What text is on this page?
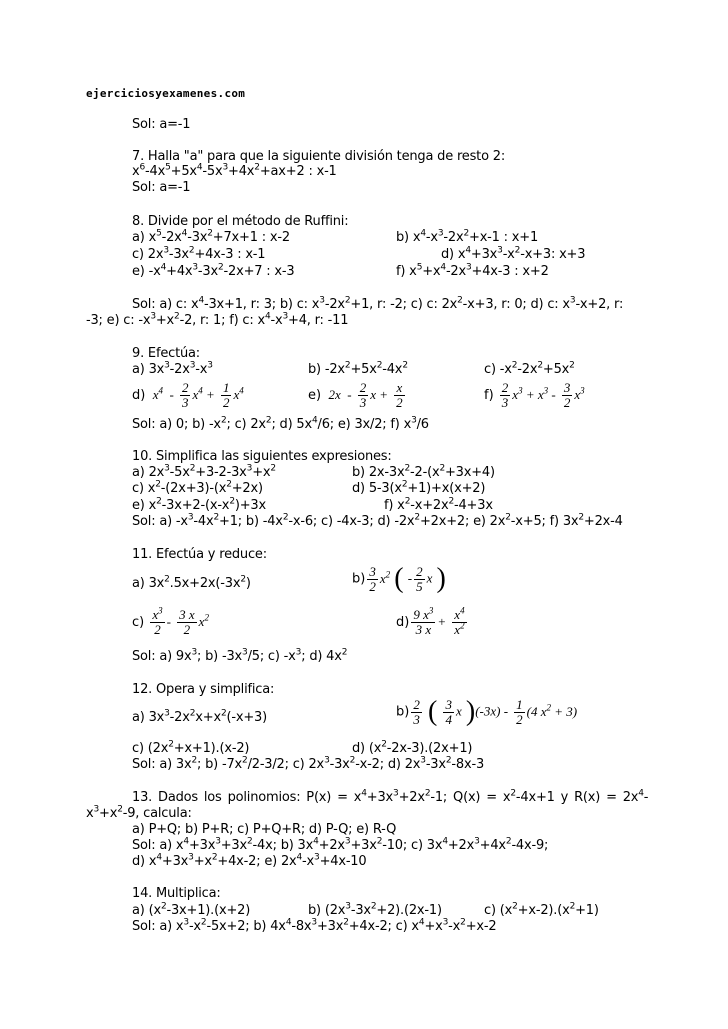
ejerciciosyexamenes.com
Sol: a=-1
7. Halla "a" para que la siguiente división tenga de resto 2:
$x^6-4x^5+5x^4-5x^3+4x^2+ax+2$ : x-1
Sol: a=-1
8. Divide por el método de Ruffini:
a) $x^5-2x^4-3x^2+7x+1$ : x-2	b) $x^4-x^3-2x^2+x-1$ : x+1
c) $2x^3-3x^2+4x-3$ : x-1	d) $x^4+3x^3-x^2-x+3$: x+3
e) $-x^4+4x^3-3x^2-2x+7$ : x-3	f) $x^5+x^4-2x^3+4x-3$ : x+2
Sol: a) c: $x^4-3x+1$, r: 3; b) c: $x^3-2x^2+1$, r: -2; c) c: $2x^2-x+3$, r: 0; d) c: $x^3-x+2$, r:
-3; e) c: $-x^3+x^2-2$, r: 1; f) c: $x^4-x^3+4$, r: -11
9. Efectúa:
a) $3x^3-2x^3-x^3$	b) $-2x^2+5x^2-4x^2$	c) $-x^2-2x^2+5x^2$
d)  $x^4 - \frac{2}{3} x^4 + \frac{1}{2} x^4$	e)  $2x - \frac{2}{3}$ $x + \frac{x}{2}$	$f) \frac{2}{3} x^3 + x^3 - \frac{3}{2} x^3$
Sol: a) 0; b) $-x^2$; c) $2x^2$; d) $5x^4/6$; e) 3x/2; f) $x^3/6$
10. Simplifica las siguientes expresiones:
a) $2x^3-5x^2+3-2-3x^3+x^2$	b) $2x-3x^2-2-(x^2+3x+4)$
c) $x^2-(2x+3)-(x^2+2x)$	d) $5-3(x^2+1)+x(x+2)$
e) $x^2-3x+2-(x-x^2)+3x$	f) $x^2-x+2x^2-4+3x$
Sol: a) $-x^3-4x^2+1$; b) $-4x^2-x-6$; c) -4x-3; d) $-2x^2+2x+2$; e) $2x^2-x+5$; f) $3x^2+2x-4$
11. Efectúa y reduce:
a) $3x^2.5x+2x(-3x^2)$	$b) \frac{3}{2} x^2$ ( - $\frac{2}{5}$ x )
$c) \frac{x^3}{2} - \frac{3 x}{2} x^2$	$d) \frac{9 x^3}{3 x} + \frac{x^4}{x^2}$
Sol: a) $9x^3$; b) $-3x^3/5$; c) $-x^3$; d) $4x^2$
12. Opera y simplifica:
a) $3x^3-2x^2x+x^2(-x+3)$	$b) \frac{2}{3}$ ( $\frac{3}{4}$ x )$(-3x) - \frac{1}{2} (4$ $x^2 + 3$)
c) $(2x^2+x+1).(x-2)$	d) $(x^2-2x-3).(2x+1)$
Sol: a) $3x^2$; b) $-7x^2/2-3/2$; c) $2x^3-3x^2-x-2$; d) $2x^3-3x^2-8x-3$
13. Dados los polinomios: $P(x) = x^4+3x^3+2x^2-1$; $Q(x) = x^2-4x+1$ y $R(x) = 2x^4-$
$x^3+x^2-9$, calcula:
a) P+Q; b) P+R; c) P+Q+R; d) P-Q; e) R-Q
Sol: a) $x^4+3x^3+3x^2-4x$; b) $3x^4+2x^3+3x^2-10$; c) $3x^4+2x^3+4x^2-4x-9$;
d) $x^4+3x^3+x^2+4x-2$; e) $2x^4-x^3+4x-10$
14. Multiplica:
a) $(x^2-3x+1).(x+2)$	b) $(2x^3-3x^2+2).(2x-1)$	c) $(x^2+x-2).(x^2+1)$
Sol: a) $x^3-x^2-5x+2$; b) $4x^4-8x^3+3x^2+4x-2$; c) $x^4+x^3-x^2+x-2$
